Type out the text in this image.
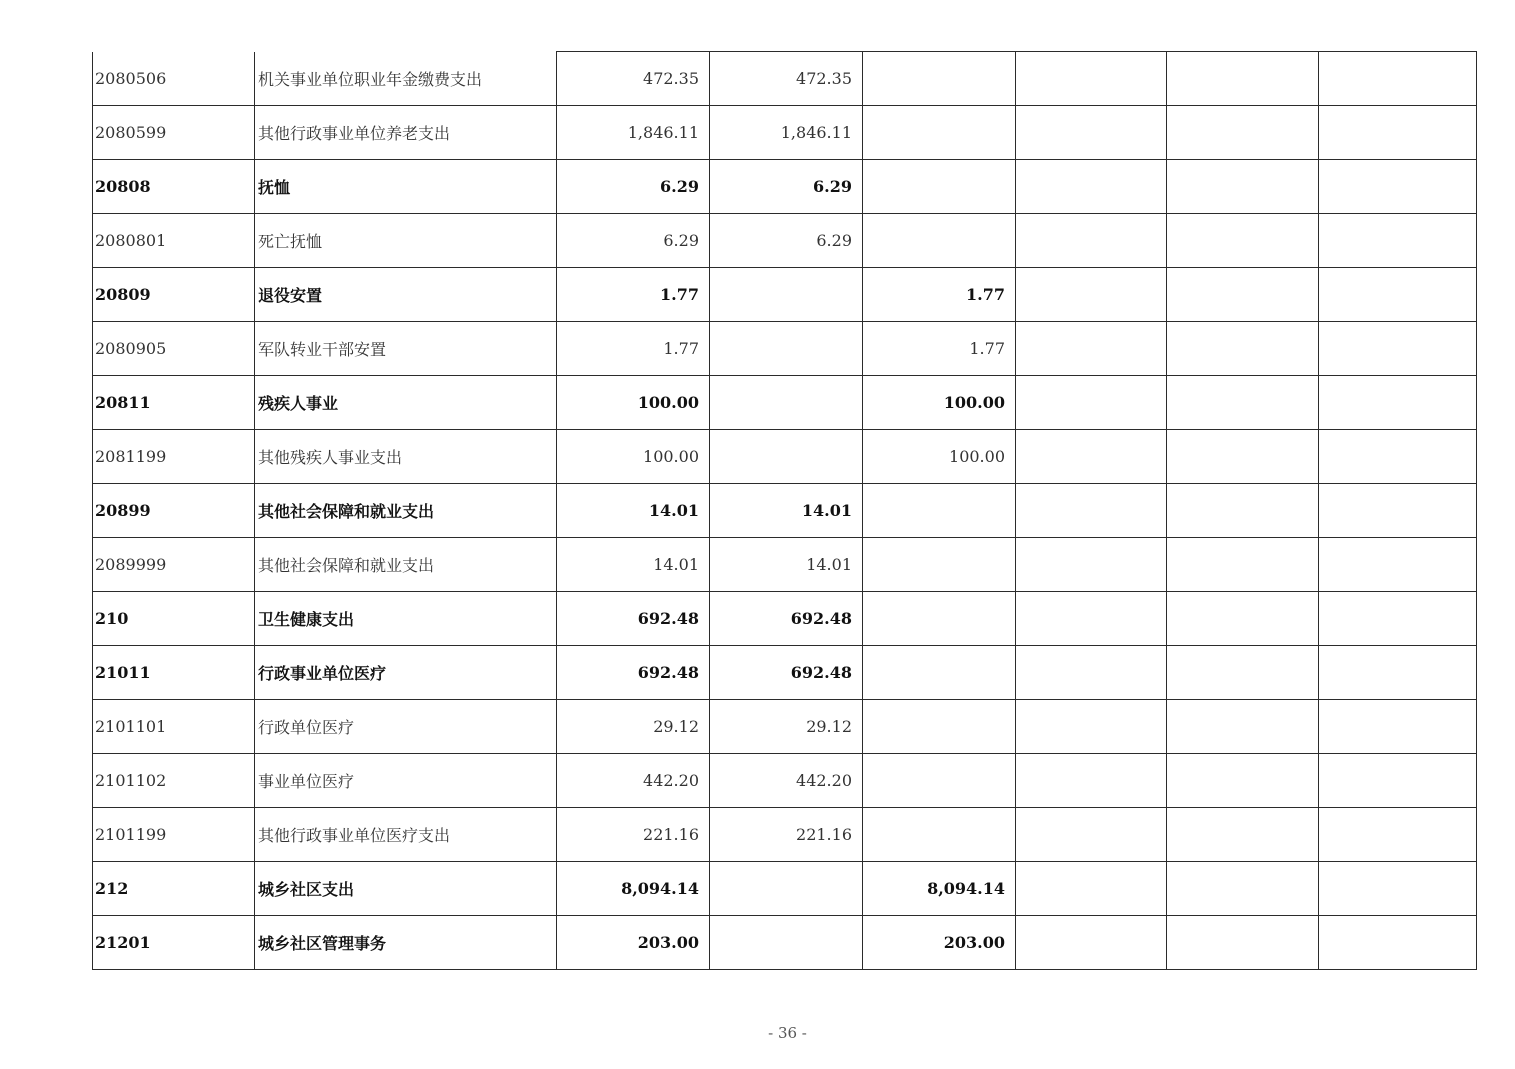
2080506	机关事业单位职业年金缴费支出	472.35	472.35				
2080599	其他行政事业单位养老支出	1,846.11	1,846.11				
20808	抚恤	6.29	6.29				
2080801	死亡抚恤	6.29	6.29				
20809	退役安置	1.77		1.77			
2080905	军队转业干部安置	1.77		1.77			
20811	残疾人事业	100.00		100.00			
2081199	其他残疾人事业支出	100.00		100.00			
20899	其他社会保障和就业支出	14.01	14.01				
2089999	其他社会保障和就业支出	14.01	14.01				
210	卫生健康支出	692.48	692.48				
21011	行政事业单位医疗	692.48	692.48				
2101101	行政单位医疗	29.12	29.12				
2101102	事业单位医疗	442.20	442.20				
2101199	其他行政事业单位医疗支出	221.16	221.16				
212	城乡社区支出	8,094.14		8,094.14			
21201	城乡社区管理事务	203.00		203.00			
- 36 -
